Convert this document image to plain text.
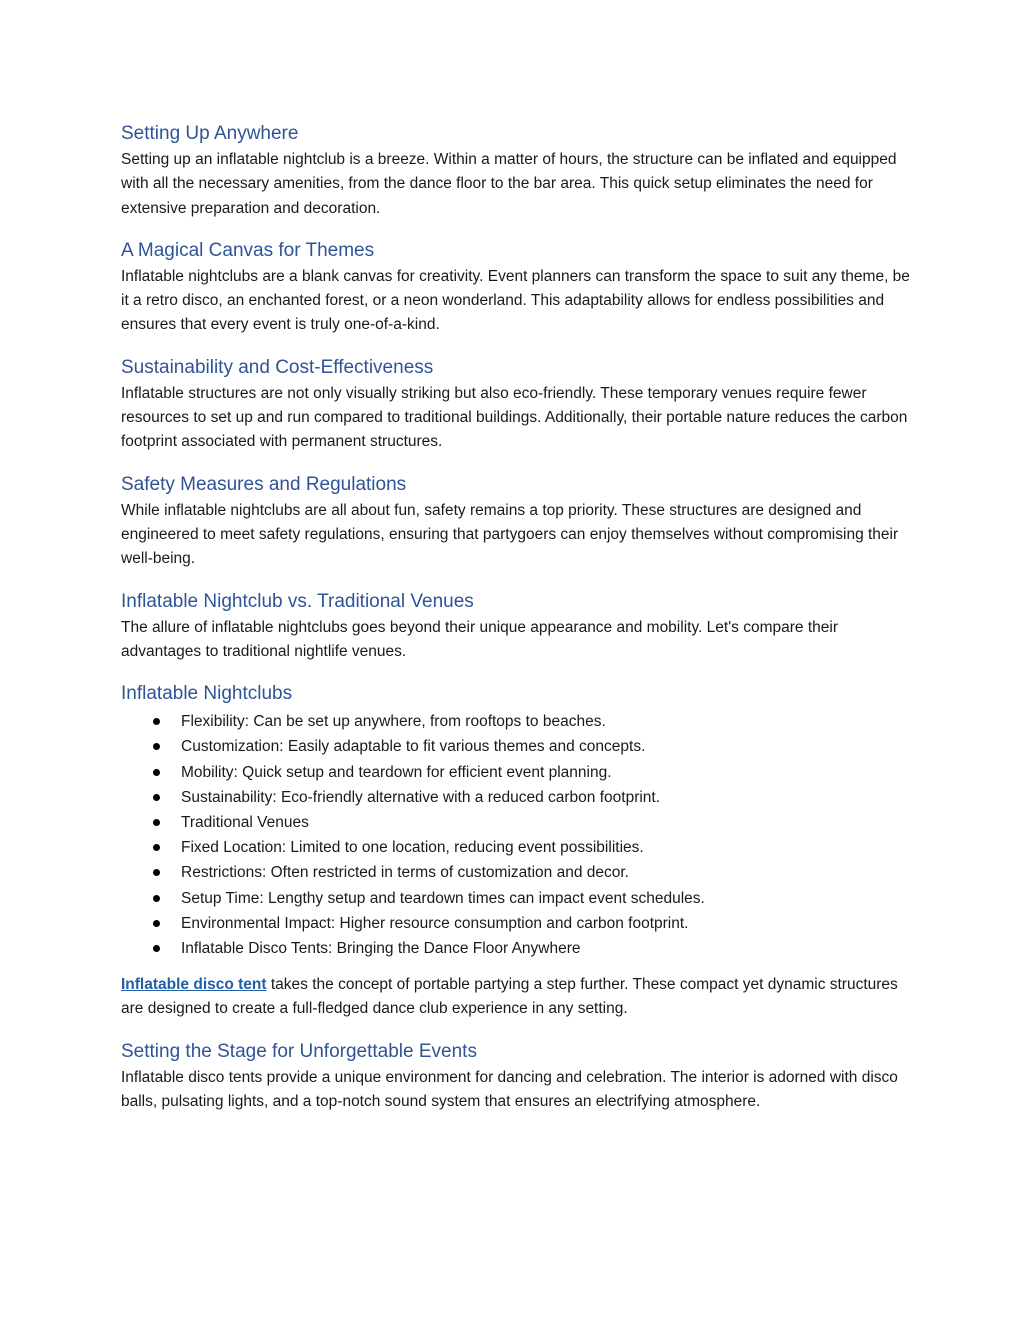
Setting Up Anywhere

Setting up an inflatable nightclub is a breeze. Within a matter of hours, the structure can be inflated and equipped with all the necessary amenities, from the dance floor to the bar area. This quick setup eliminates the need for extensive preparation and decoration.

A Magical Canvas for Themes

Inflatable nightclubs are a blank canvas for creativity. Event planners can transform the space to suit any theme, be it a retro disco, an enchanted forest, or a neon wonderland. This adaptability allows for endless possibilities and ensures that every event is truly one-of-a-kind.

Sustainability and Cost-Effectiveness

Inflatable structures are not only visually striking but also eco-friendly. These temporary venues require fewer resources to set up and run compared to traditional buildings. Additionally, their portable nature reduces the carbon footprint associated with permanent structures.

Safety Measures and Regulations

While inflatable nightclubs are all about fun, safety remains a top priority. These structures are designed and engineered to meet safety regulations, ensuring that partygoers can enjoy themselves without compromising their well-being.

Inflatable Nightclub vs. Traditional Venues

The allure of inflatable nightclubs goes beyond their unique appearance and mobility. Let's compare their advantages to traditional nightlife venues.

Inflatable Nightclubs
Flexibility: Can be set up anywhere, from rooftops to beaches.
Customization: Easily adaptable to fit various themes and concepts.
Mobility: Quick setup and teardown for efficient event planning.
Sustainability: Eco-friendly alternative with a reduced carbon footprint.
Traditional Venues
Fixed Location: Limited to one location, reducing event possibilities.
Restrictions: Often restricted in terms of customization and decor.
Setup Time: Lengthy setup and teardown times can impact event schedules.
Environmental Impact: Higher resource consumption and carbon footprint.
Inflatable Disco Tents: Bringing the Dance Floor Anywhere

Inflatable disco tent takes the concept of portable partying a step further. These compact yet dynamic structures are designed to create a full-fledged dance club experience in any setting.

Setting the Stage for Unforgettable Events

Inflatable disco tents provide a unique environment for dancing and celebration. The interior is adorned with disco balls, pulsating lights, and a top-notch sound system that ensures an electrifying atmosphere.
